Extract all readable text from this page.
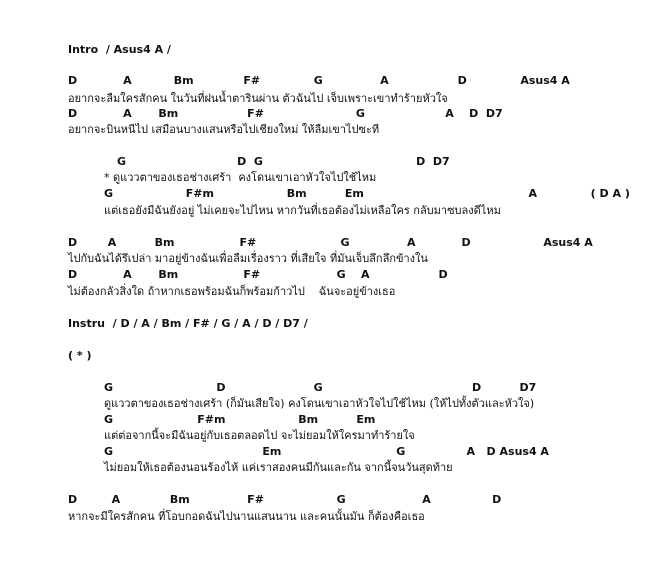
Intro  / Asus4 A /
D            A           Bm             F#              G               A                  D              Asus4 A
อยากจะลืมใครสักคน ในวันที่ฝนน้ำตารินผ่าน ตัวฉันไป เจ็บเพราะเขาทำร้ายหัวใจ
D            A       Bm                  F#                        G                     A    D  D7
อยากจะบินหนีไป เสมือนบางแสนหรือไปเชียงใหม่ ให้ลืมเขาไปซะที
G                             D  G                                        D  D7
* ดูแววตาของเธอช่างเศร้า  คงโดนเขาเอาหัวใจไปใช้ไหม
G                   F#m                   Bm          Em                                           A              ( D A )
แต่เธอยังมีฉันยังอยู่ ไม่เคยจะไปไหน หากวันที่เธอต้องไม่เหลือใคร กลับมาซบลงดีไหม
D        A          Bm                 F#                      G               A            D                   Asus4 A
ไปกับฉันได้รึเปล่า มาอยู่ข้างฉันเพื่อลืมเรื่องราว ที่เสียใจ ที่มันเจ็บลึกลึกข้างใน
D            A       Bm                 F#                    G    A                  D
ไม่ต้องกลัวสิ่งใด ถ้าหากเธอพร้อมฉันก็พร้อมก้าวไป    ฉันจะอยู่ข้างเธอ
Instru  / D / A / Bm / F# / G / A / D / D7 /
( * )
G                           D                       G                                       D          D7
ดูแววตาของเธอช่างเศร้า (ก็มันเสียใจ) คงโดนเขาเอาหัวใจไปใช้ไหม (ให้ไปทั้งตัวและหัวใจ)
G                      F#m                   Bm          Em
แต่ต่อจากนี้จะมีฉันอยู่กับเธอตลอดไป จะไม่ยอมให้ใครมาทำร้ายใจ
G                                       Em                              G                A   D Asus4 A
ไม่ยอมให้เธอต้องนอนร้องไห้ แค่เราสองคนมีกันและกัน จากนี้จนวันสุดท้าย
D         A             Bm               F#                   G                    A                D
หากจะมีใครสักคน ที่โอบกอดฉันไปนานแสนนาน และคนนั้นมัน ก็ต้องคือเธอ
